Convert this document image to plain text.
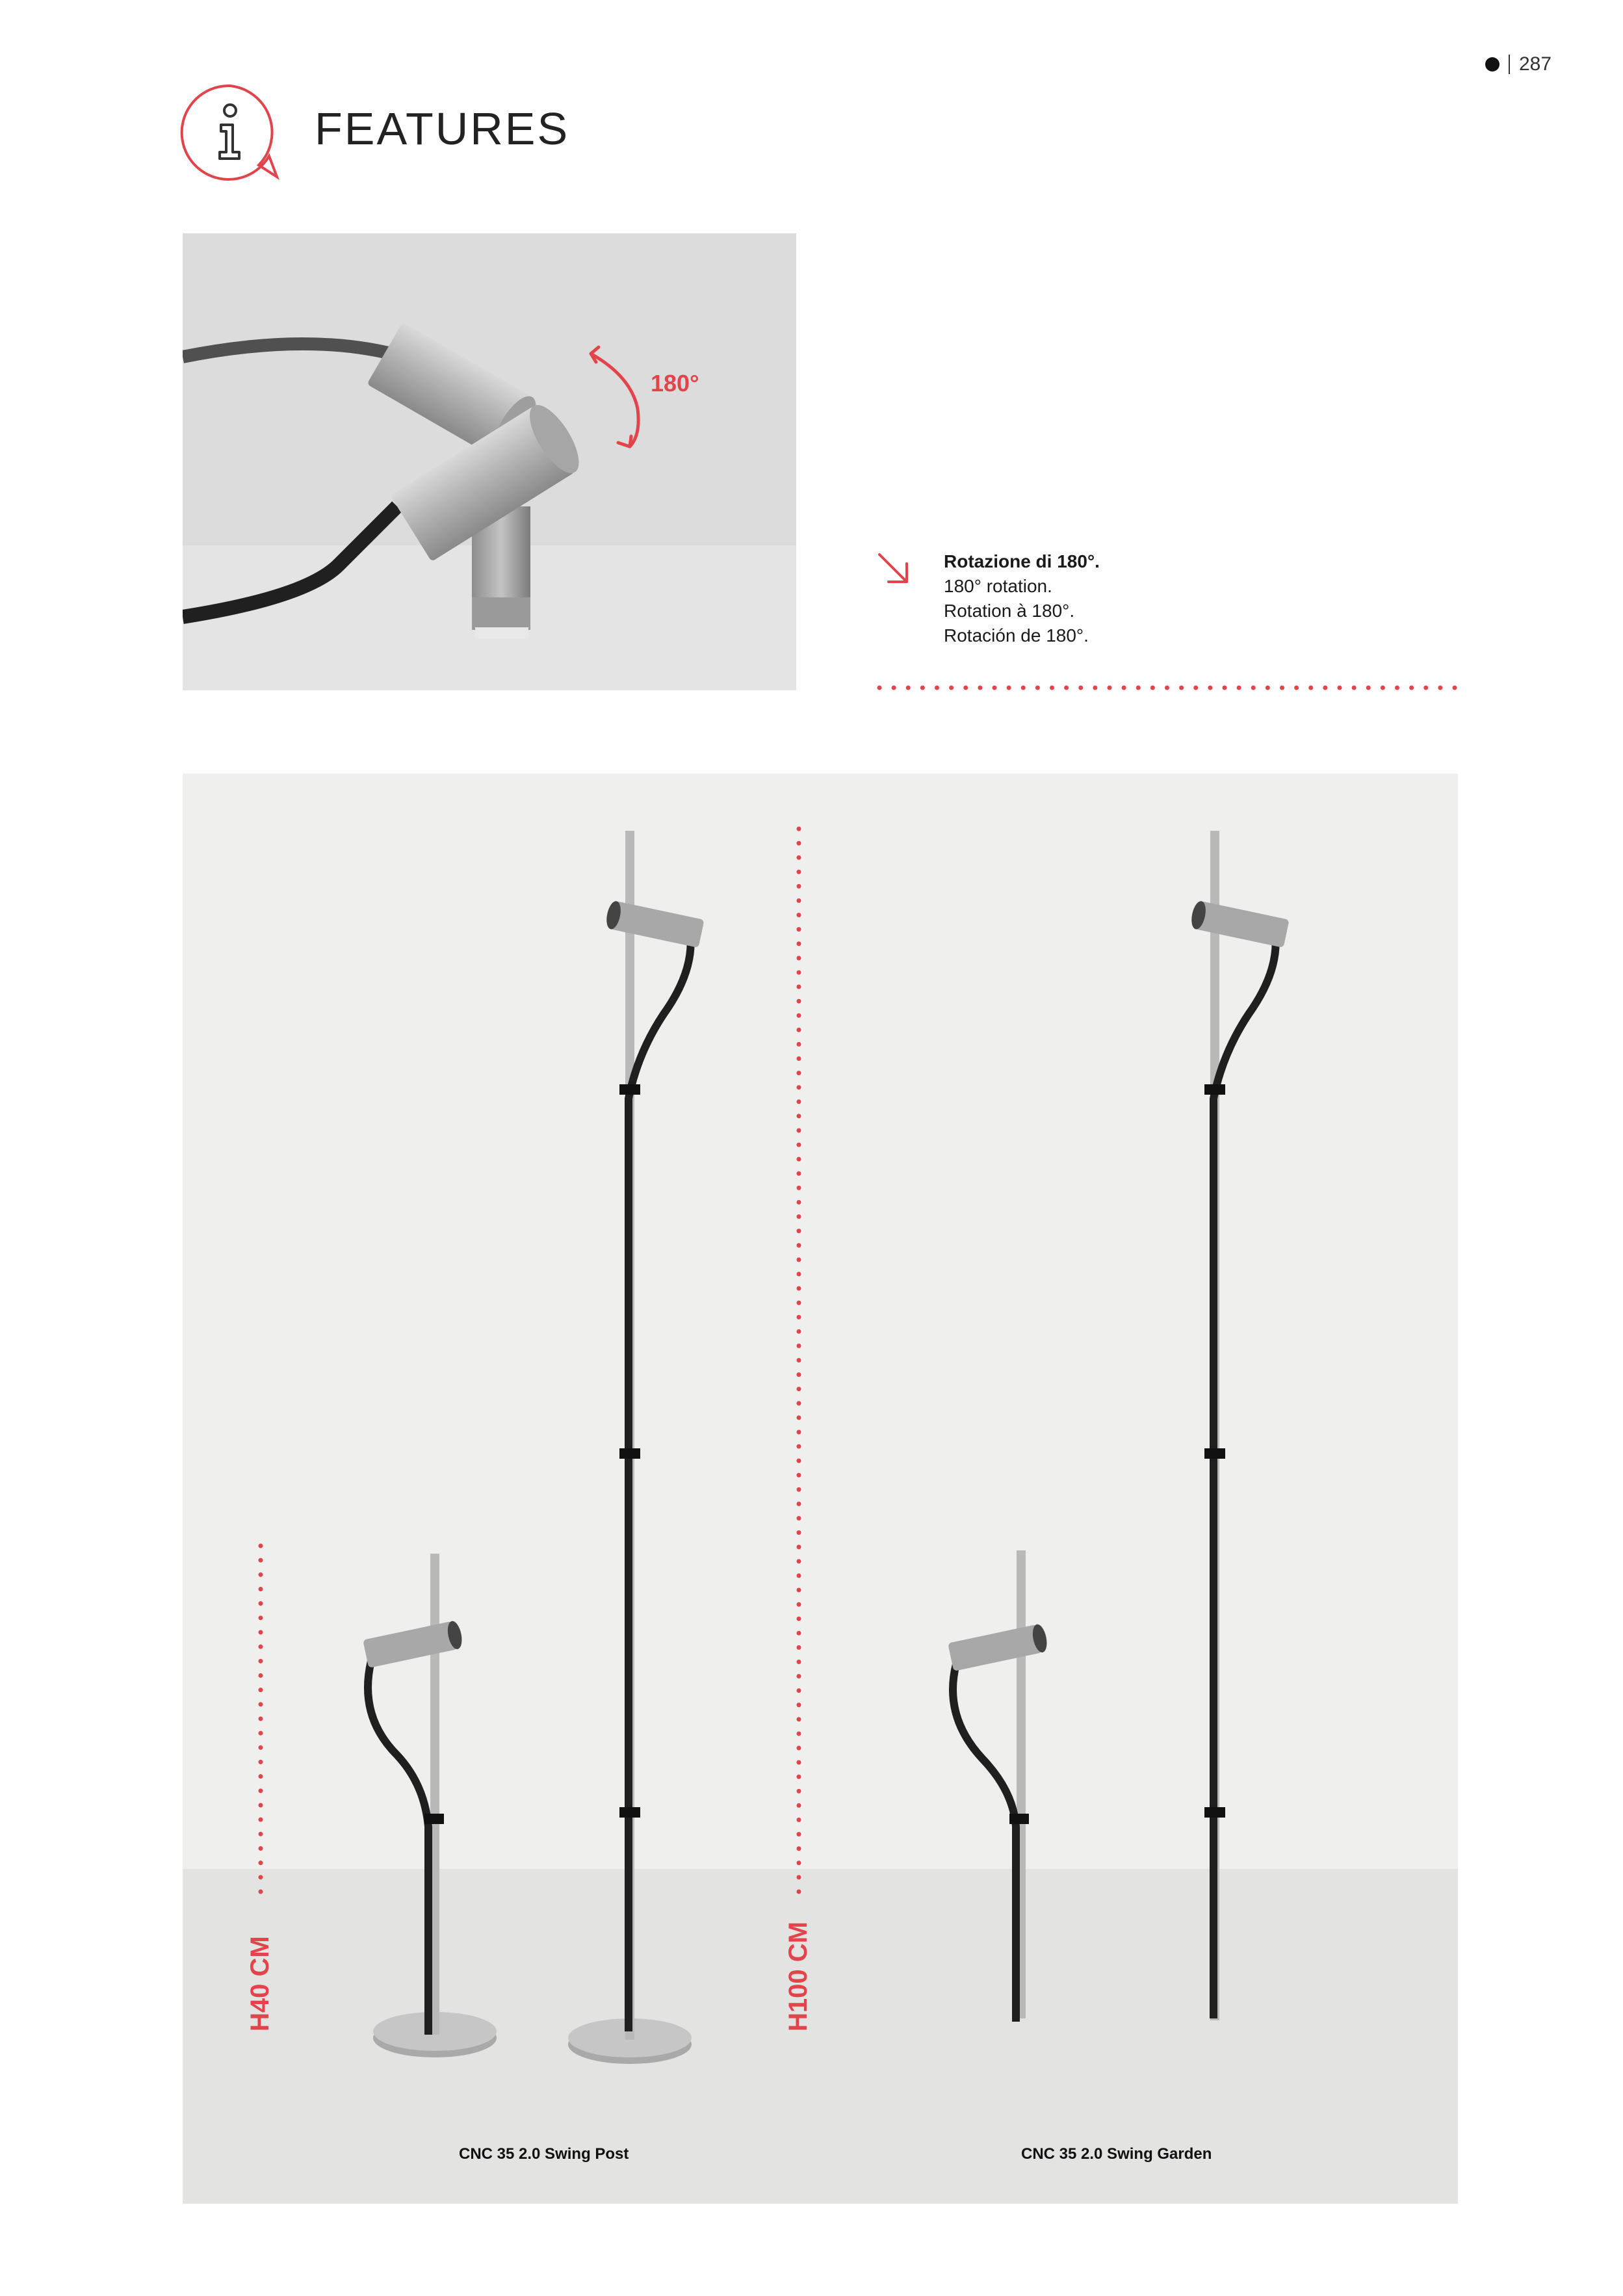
287
FEATURES
180°
Rotazione di 180°.
180° rotation.
Rotation à 180°.
Rotación de 180°.
H40 CM	H100 CM
CNC 35 2.0 Swing Post	CNC 35 2.0 Swing Garden
